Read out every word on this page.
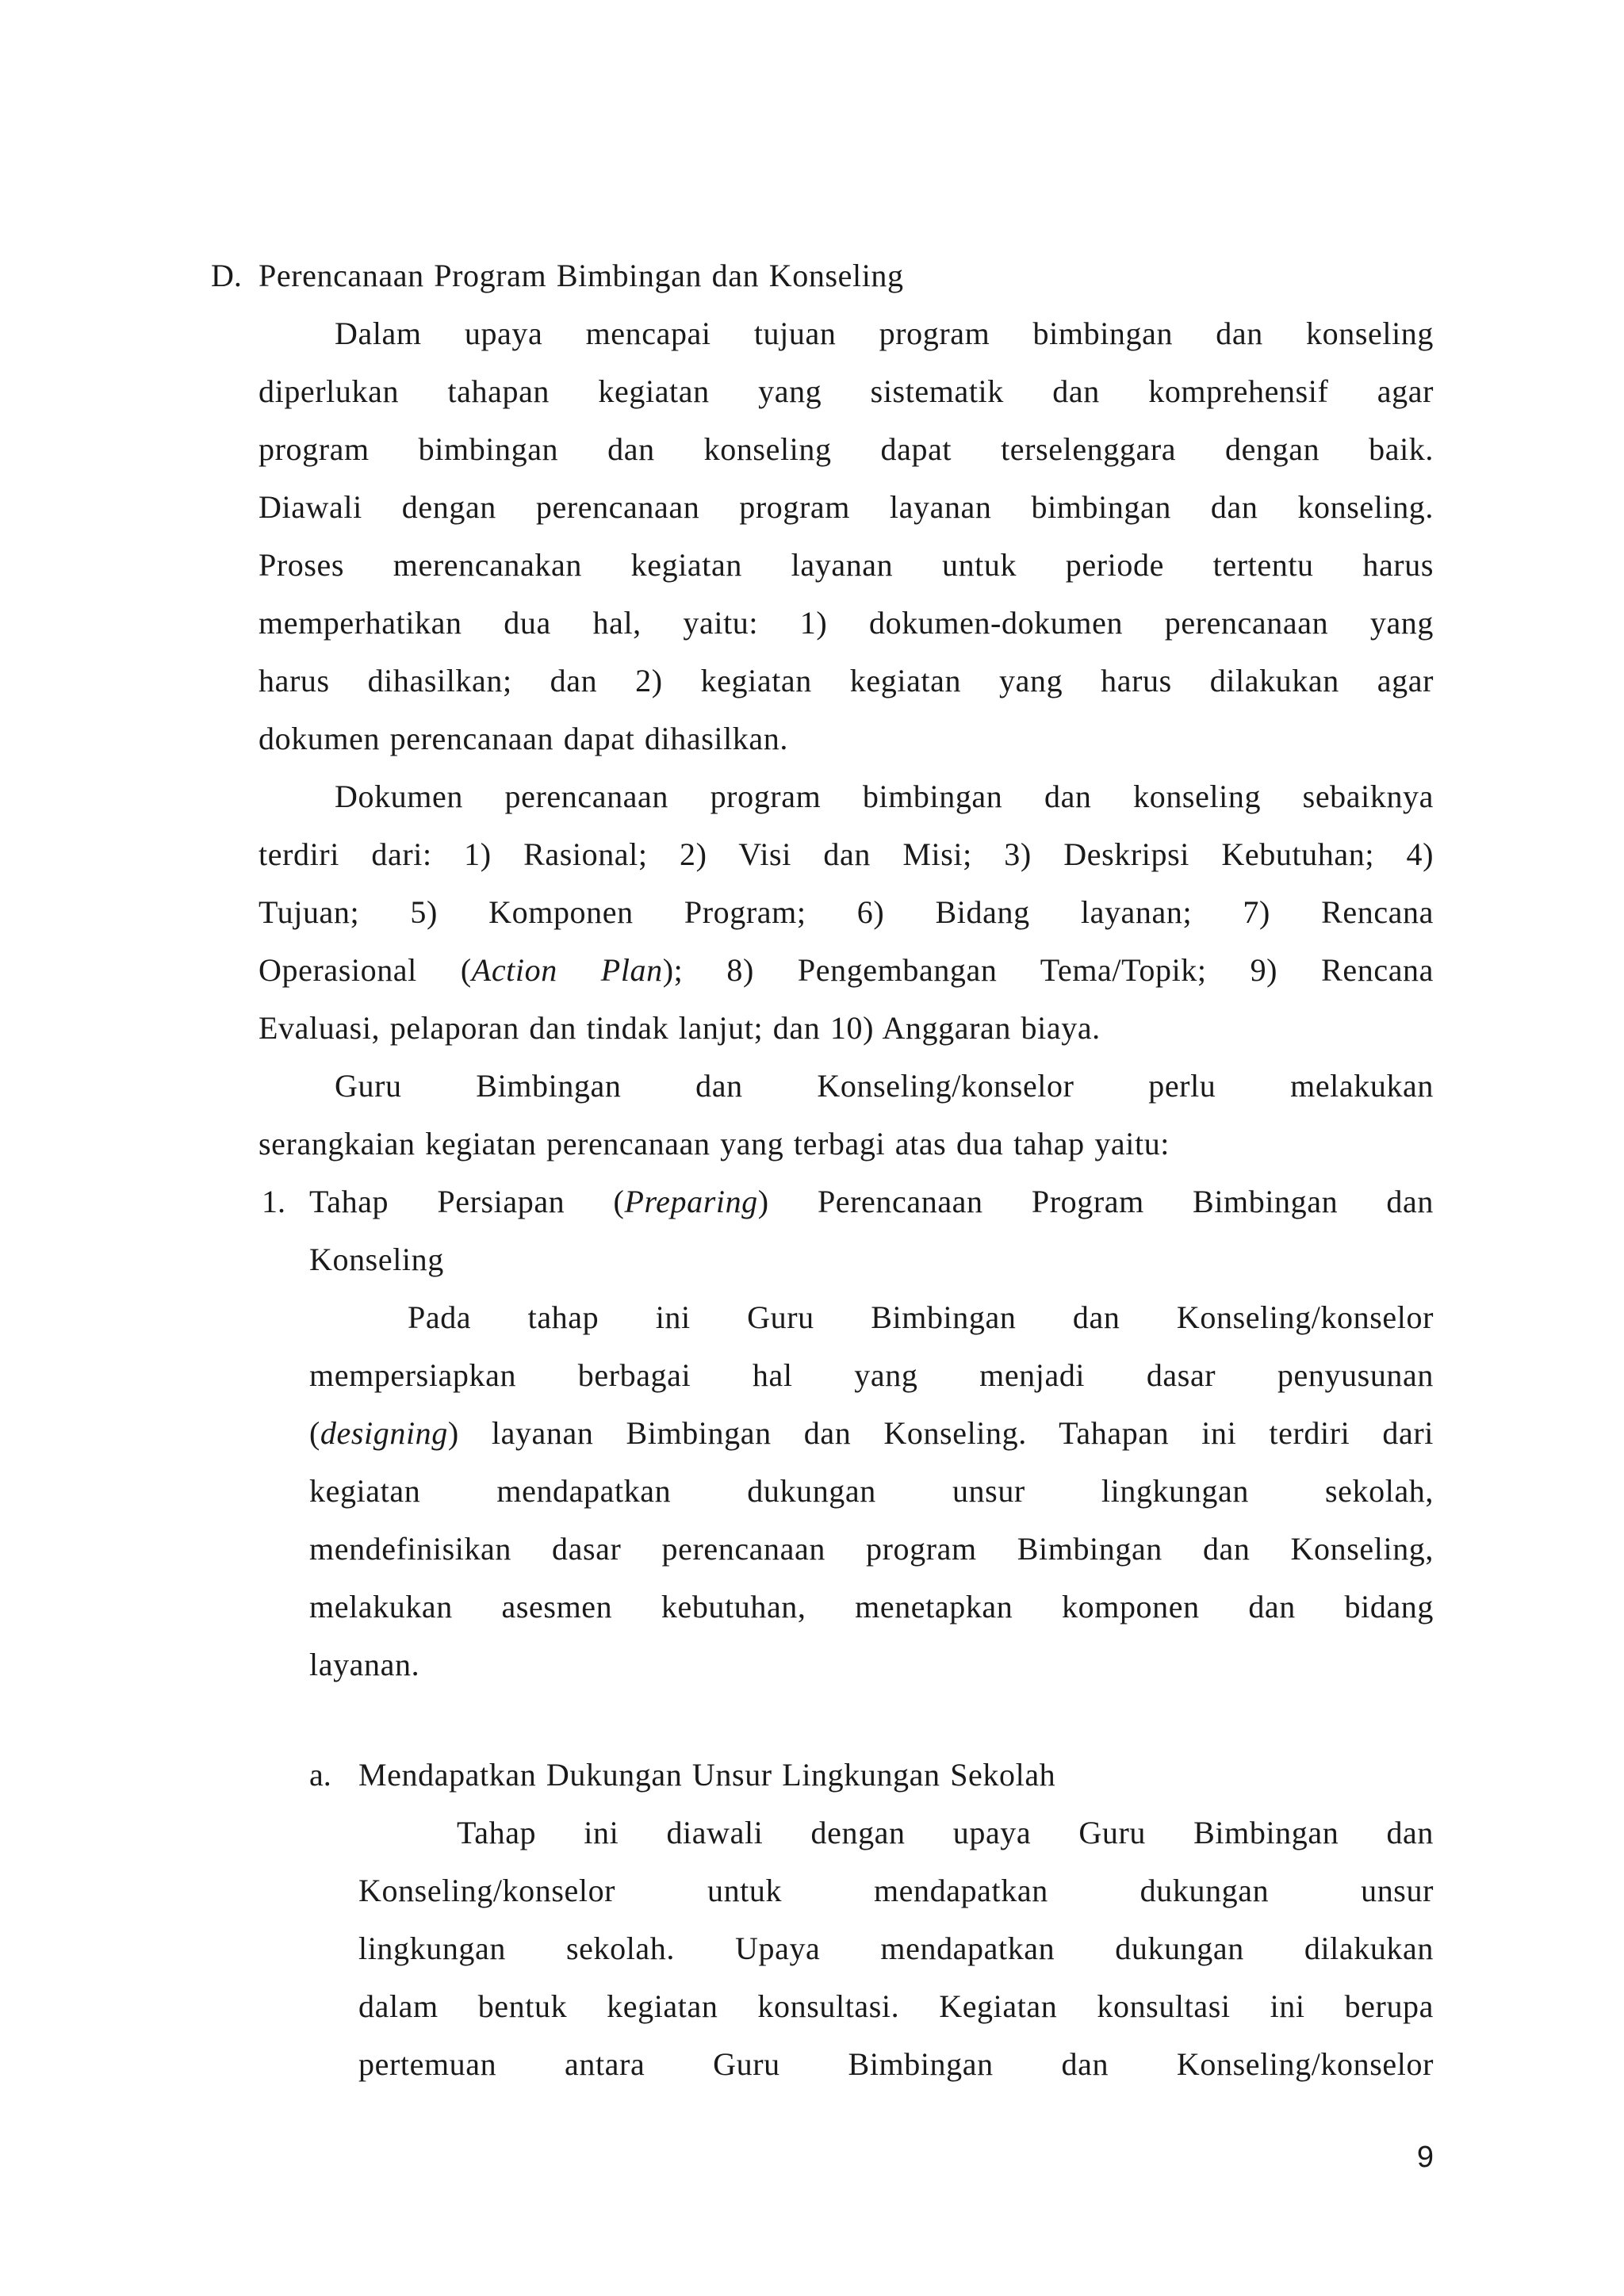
D. Perencanaan Program Bimbingan dan Konseling
Dalam upaya mencapai tujuan program bimbingan dan konseling
diperlukan tahapan kegiatan yang sistematik dan komprehensif agar
program bimbingan dan konseling dapat terselenggara dengan baik.
Diawali dengan perencanaan program layanan bimbingan dan konseling.
Proses merencanakan kegiatan layanan untuk periode tertentu harus
memperhatikan dua hal, yaitu: 1) dokumen-dokumen perencanaan yang
harus dihasilkan; dan 2) kegiatan kegiatan yang harus dilakukan agar
dokumen perencanaan dapat dihasilkan.
Dokumen perencanaan program bimbingan dan konseling sebaiknya
terdiri dari: 1) Rasional; 2) Visi dan Misi; 3) Deskripsi Kebutuhan; 4)
Tujuan; 5) Komponen Program; 6) Bidang layanan; 7) Rencana
Operasional (Action Plan); 8) Pengembangan Tema/Topik; 9) Rencana
Evaluasi, pelaporan dan tindak lanjut; dan 10) Anggaran biaya.
Guru Bimbingan dan Konseling/konselor perlu melakukan
serangkaian kegiatan perencanaan yang terbagi atas dua tahap yaitu:
1. Tahap Persiapan (Preparing) Perencanaan Program Bimbingan dan
Konseling
Pada tahap ini Guru Bimbingan dan Konseling/konselor
mempersiapkan berbagai hal yang menjadi dasar penyusunan
(designing) layanan Bimbingan dan Konseling. Tahapan ini terdiri dari
kegiatan mendapatkan dukungan unsur lingkungan sekolah,
mendefinisikan dasar perencanaan program Bimbingan dan Konseling,
melakukan asesmen kebutuhan, menetapkan komponen dan bidang
layanan.
a. Mendapatkan Dukungan Unsur Lingkungan Sekolah
Tahap ini diawali dengan upaya Guru Bimbingan dan
Konseling/konselor untuk mendapatkan dukungan unsur
lingkungan sekolah. Upaya mendapatkan dukungan dilakukan
dalam bentuk kegiatan konsultasi. Kegiatan konsultasi ini berupa
pertemuan antara Guru Bimbingan dan Konseling/konselor
9
